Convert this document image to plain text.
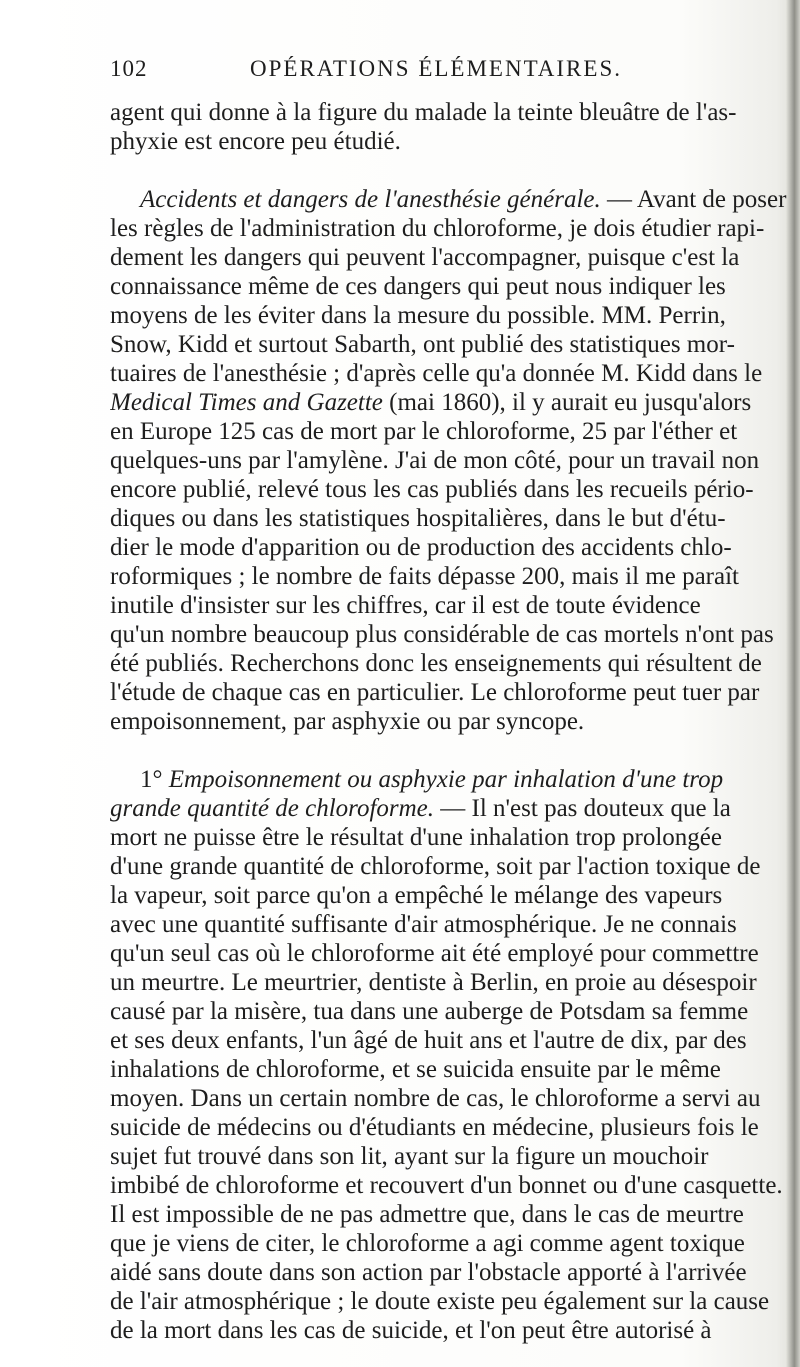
102	OPÉRATIONS ÉLÉMENTAIRES.
agent qui donne à la figure du malade la teinte bleuâtre de l'as-
phyxie est encore peu étudié.
Accidents et dangers de l'anesthésie générale. — Avant de poser
les règles de l'administration du chloroforme, je dois étudier rapi-
dement les dangers qui peuvent l'accompagner, puisque c'est la
connaissance même de ces dangers qui peut nous indiquer les
moyens de les éviter dans la mesure du possible. MM. Perrin,
Snow, Kidd et surtout Sabarth, ont publié des statistiques mor-
tuaires de l'anesthésie ; d'après celle qu'a donnée M. Kidd dans le
Medical Times and Gazette (mai 1860), il y aurait eu jusqu'alors
en Europe 125 cas de mort par le chloroforme, 25 par l'éther et
quelques-uns par l'amylène. J'ai de mon côté, pour un travail non
encore publié, relevé tous les cas publiés dans les recueils pério-
diques ou dans les statistiques hospitalières, dans le but d'étu-
dier le mode d'apparition ou de production des accidents chlo-
roformiques ; le nombre de faits dépasse 200, mais il me paraît
inutile d'insister sur les chiffres, car il est de toute évidence
qu'un nombre beaucoup plus considérable de cas mortels n'ont pas
été publiés. Recherchons donc les enseignements qui résultent de
l'étude de chaque cas en particulier. Le chloroforme peut tuer par
empoisonnement, par asphyxie ou par syncope.
1° Empoisonnement ou asphyxie par inhalation d'une trop
grande quantité de chloroforme. — Il n'est pas douteux que la
mort ne puisse être le résultat d'une inhalation trop prolongée
d'une grande quantité de chloroforme, soit par l'action toxique de
la vapeur, soit parce qu'on a empêché le mélange des vapeurs
avec une quantité suffisante d'air atmosphérique. Je ne connais
qu'un seul cas où le chloroforme ait été employé pour commettre
un meurtre. Le meurtrier, dentiste à Berlin, en proie au désespoir
causé par la misère, tua dans une auberge de Potsdam sa femme
et ses deux enfants, l'un âgé de huit ans et l'autre de dix, par des
inhalations de chloroforme, et se suicida ensuite par le même
moyen. Dans un certain nombre de cas, le chloroforme a servi au
suicide de médecins ou d'étudiants en médecine, plusieurs fois le
sujet fut trouvé dans son lit, ayant sur la figure un mouchoir
imbibé de chloroforme et recouvert d'un bonnet ou d'une casquette.
Il est impossible de ne pas admettre que, dans le cas de meurtre
que je viens de citer, le chloroforme a agi comme agent toxique
aidé sans doute dans son action par l'obstacle apporté à l'arrivée
de l'air atmosphérique ; le doute existe peu également sur la cause
de la mort dans les cas de suicide, et l'on peut être autorisé à
